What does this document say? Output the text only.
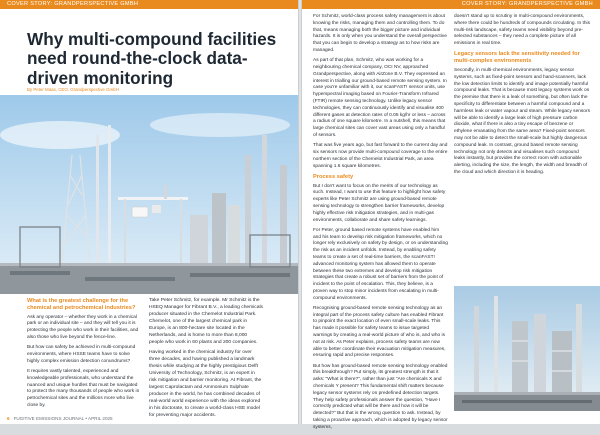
COVER STORY: GRANDPERSPECTIVE GMBH
Why multi-compound facilities need round-the-clock data-driven monitoring
By Peter Maas, CEO, Grandperspective GmbH
What is the greatest challenge for the chemical and petrochemical industries?

Ask any operator – whether they work in a chemical park or an individual site – and they will tell you it is protecting the people who work in their facilities, and also those who live beyond the fence-line.

But how can safety be achieved in multi-compound environments, where HSSE teams have to solve highly complex emission detection conundrums?

It requires vastly talented, experienced and knowledgeable professionals, who understand the nuanced and unique hurdles that must be navigated to protect the many thousands of people who work in petrochemical sites and the millions more who live close by.

Take Peter Schmitz, for example. Mr Schmitz is the HSEQ Manager for Fibrant B.V., a leading chemicals producer situated in the Chemelot Industrial Park. Chemelot, one of the largest chemical park in Europe, is an 800-hectare site located in the Netherlands, and is home to more than 8,000 people who work in 60 plants and 200 companies.

Having worked in the chemical industry for over three decades, and having published a landmark thesis while studying at the highly prestigious Delft University of Technology, Schmitz, is an expert in risk mitigation and barrier monitoring. At Fibrant, the largest Caprolactam and Ammonium Sulphate producer in the world, he has combined decades of real-world world experience with the ideas explored in his doctorate, to create a world-class HSE model for preventing major accidents.

6 FUGITIVE EMISSIONS JOURNAL • APRIL 2025
COVER STORY: GRANDPERSPECTIVE GMBH

For Schmitz, world-class process safety management is about knowing the risks, managing them and controlling them. To do that, means managing both the bigger picture and individual hazards. It is only when you understand the overall perspective that you can begin to develop a strategy as to how risks are managed.

As part of that plan, Schmitz, who was working for a neighbouring chemical company, OCI NV, approached Grandperspective, along with AirZone B.V. They expressed an interest in trialling our ground-based remote sensing system. In case you're unfamiliar with it, our scanFAST! sensor units, use hyperspectral imaging based on Fourier-Transform Infrared (FTIR) remote sensing technology. Unlike legacy sensor technologies, they can continuously identify and visualise 400 different gases at detection rates of 0.05 kg/hr or less – across a radius of one square kilometre. In a nutshell, this means that large chemical sites can cover vast areas using only a handful of sensors.

That was five years ago, but fast forward to the current day and six sensors now provide multi-compound coverage to the entire northern section of the Chemelot Industrial Park, an area spanning 1.6 square kilometres.

Process safety

But I don't want to focus on the merits of our technology as such. Instead, I want to use this feature to highlight how safety experts like Peter Schmitz are using ground-based remote sensing technology to strengthen barrier frameworks, develop highly effective risk mitigation strategies, and in multi-gas environments, collaborate and share safety learnings.

For Peter, ground based remote systems have enabled him and his team to develop risk mitigation frameworks, which no longer rely exclusively on safety by design, or on understanding the risk as an incident unfolds. Instead, by enabling safety teams to create a set of real-time barriers, the scanFAST! advanced monitoring system has allowed them to operate between these two extremes and develop risk mitigation strategies that create a robust set of barriers from the point of incident to the point of escalation. This, they believe, is a proven way to stop minor incidents from escalating in multi-compound environments.

Recognising ground-based remote sensing technology as an integral part of the process safety culture has enabled Fibrant to pinpoint the exact location of even small-scale leaks. This has made it possible for safety teams to issue targeted warnings by creating a real-world picture of who is, and who is not at risk. As Peter explains, process safety teams are now able to better coordinate their evacuation mitigation measures, ensuring rapid and precise responses.

But how has ground-based remote sensing technology enabled this breakthrough? Put simply, its greatest strength is that it asks: "What is there?", rather than just "Are chemicals X and chemicals Y present? This fundamental shift matters because legacy sensor systems rely on predefined detection targets. They help safety professionals answer the question, "Have I correctly predicted what will be there and how it will be detected?" But that is the wrong question to ask. Instead, by taking a proactive approach, which is adopted by legacy sensor systems,

doesn't stand up to scrutiny in multi-compound environments, where there could be hundreds of compounds circulating. In this multi-risk landscape, safety teams need visibility beyond pre-selected substances – they need a complete picture of all emissions in real time.

Legacy sensors lack the sensitivity needed for multi-complex environments

Secondly, in multi-chemical environments, legacy sensor systems, such as fixed-point sensors and hand-scanners, lack the low detection limits to identify and image potentially harmful compound leaks. That is because most legacy systems work on the premise that there is a leak of something, but often lack the specificity to differentiate between a harmful compound and a harmless leak or water vapour and steam. While legacy sensors will be able to identify a large leak of high pressure carbon dioxide, what if there is also a tiny escape of benzene or ethylene emanating from the same area? Fixed-point sensors may not be able to detect the small-scale but highly dangerous compound leak. In contrast, ground based remote sensing technology not only detects and visualises such compound leaks instantly, but provides the correct room with actionable alerting, including the size, the length, the width and breadth of the cloud and which direction it is heading.
